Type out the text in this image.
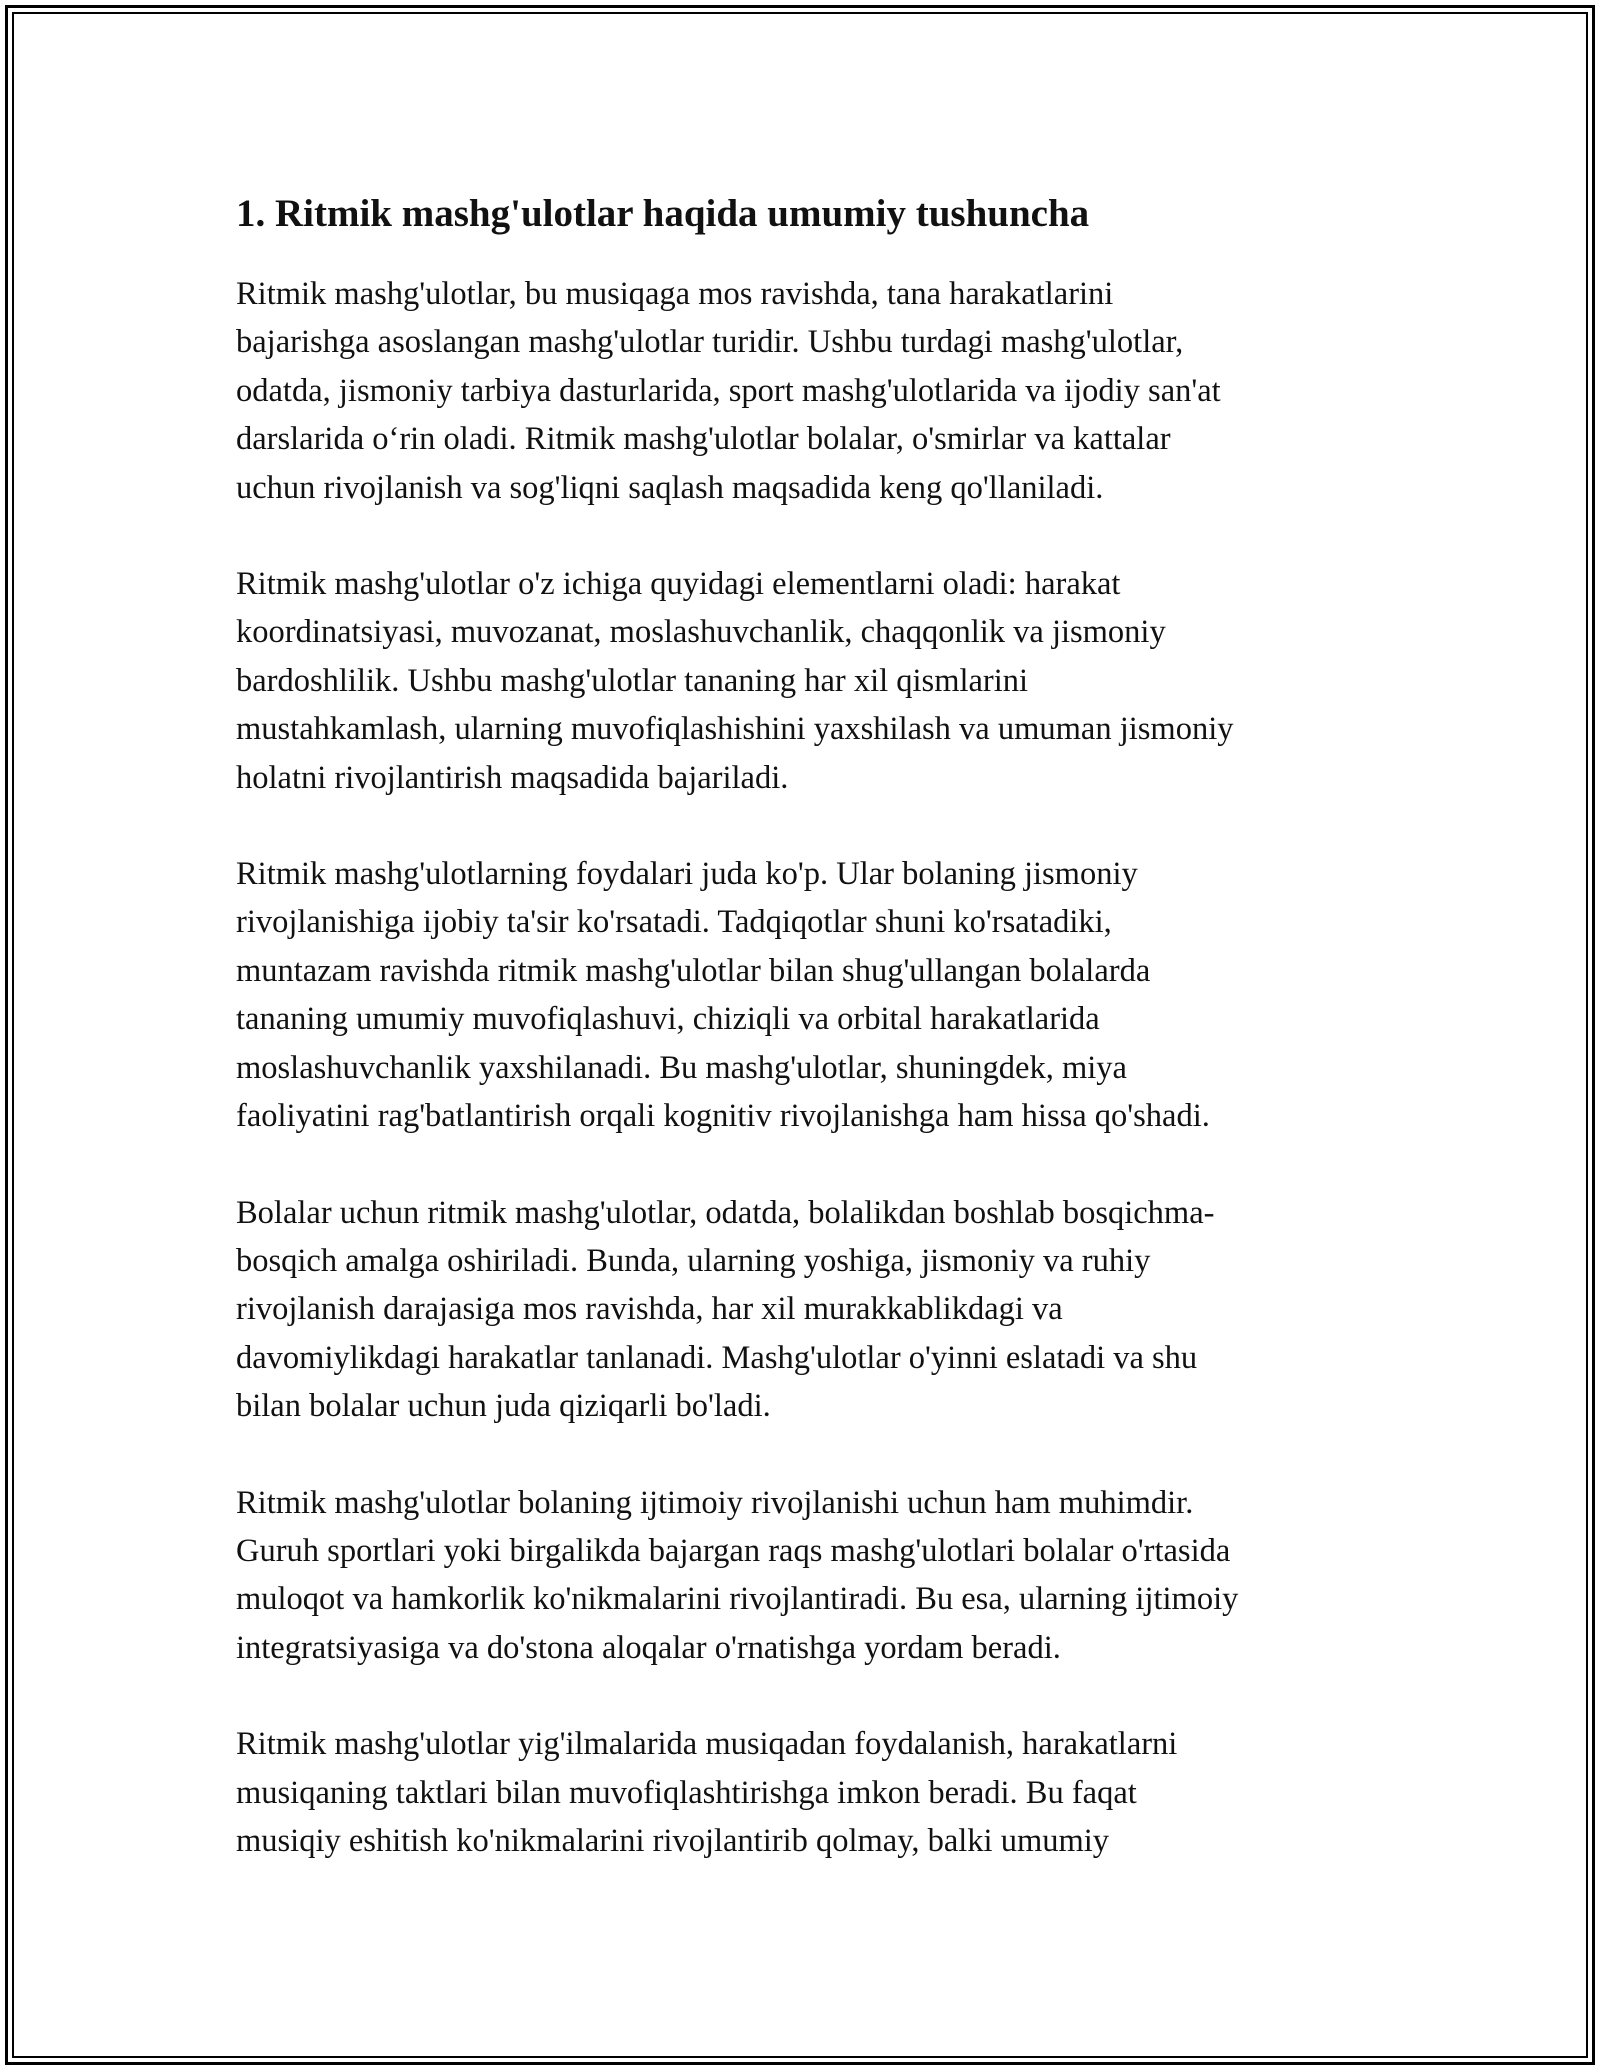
1. Ritmik mashg'ulotlar haqida umumiy tushuncha

Ritmik mashg'ulotlar, bu musiqaga mos ravishda, tana harakatlarini
bajarishga asoslangan mashg'ulotlar turidir. Ushbu turdagi mashg'ulotlar,
odatda, jismoniy tarbiya dasturlarida, sport mashg'ulotlarida va ijodiy san'at
darslarida o‘rin oladi. Ritmik mashg'ulotlar bolalar, o'smirlar va kattalar
uchun rivojlanish va sog'liqni saqlash maqsadida keng qo'llaniladi.

Ritmik mashg'ulotlar o'z ichiga quyidagi elementlarni oladi: harakat
koordinatsiyasi, muvozanat, moslashuvchanlik, chaqqonlik va jismoniy
bardoshlilik. Ushbu mashg'ulotlar tananing har xil qismlarini
mustahkamlash, ularning muvofiqlashishini yaxshilash va umuman jismoniy
holatni rivojlantirish maqsadida bajariladi.

Ritmik mashg'ulotlarning foydalari juda ko'p. Ular bolaning jismoniy
rivojlanishiga ijobiy ta'sir ko'rsatadi. Tadqiqotlar shuni ko'rsatadiki,
muntazam ravishda ritmik mashg'ulotlar bilan shug'ullangan bolalarda
tananing umumiy muvofiqlashuvi, chiziqli va orbital harakatlarida
moslashuvchanlik yaxshilanadi. Bu mashg'ulotlar, shuningdek, miya
faoliyatini rag'batlantirish orqali kognitiv rivojlanishga ham hissa qo'shadi.

Bolalar uchun ritmik mashg'ulotlar, odatda, bolalikdan boshlab bosqichma-
bosqich amalga oshiriladi. Bunda, ularning yoshiga, jismoniy va ruhiy
rivojlanish darajasiga mos ravishda, har xil murakkablikdagi va
davomiylikdagi harakatlar tanlanadi. Mashg'ulotlar o'yinni eslatadi va shu
bilan bolalar uchun juda qiziqarli bo'ladi.

Ritmik mashg'ulotlar bolaning ijtimoiy rivojlanishi uchun ham muhimdir.
Guruh sportlari yoki birgalikda bajargan raqs mashg'ulotlari bolalar o'rtasida
muloqot va hamkorlik ko'nikmalarini rivojlantiradi. Bu esa, ularning ijtimoiy
integratsiyasiga va do'stona aloqalar o'rnatishga yordam beradi.

Ritmik mashg'ulotlar yig'ilmalarida musiqadan foydalanish, harakatlarni
musiqaning taktlari bilan muvofiqlashtirishga imkon beradi. Bu faqat
musiqiy eshitish ko'nikmalarini rivojlantirib qolmay, balki umumiy
